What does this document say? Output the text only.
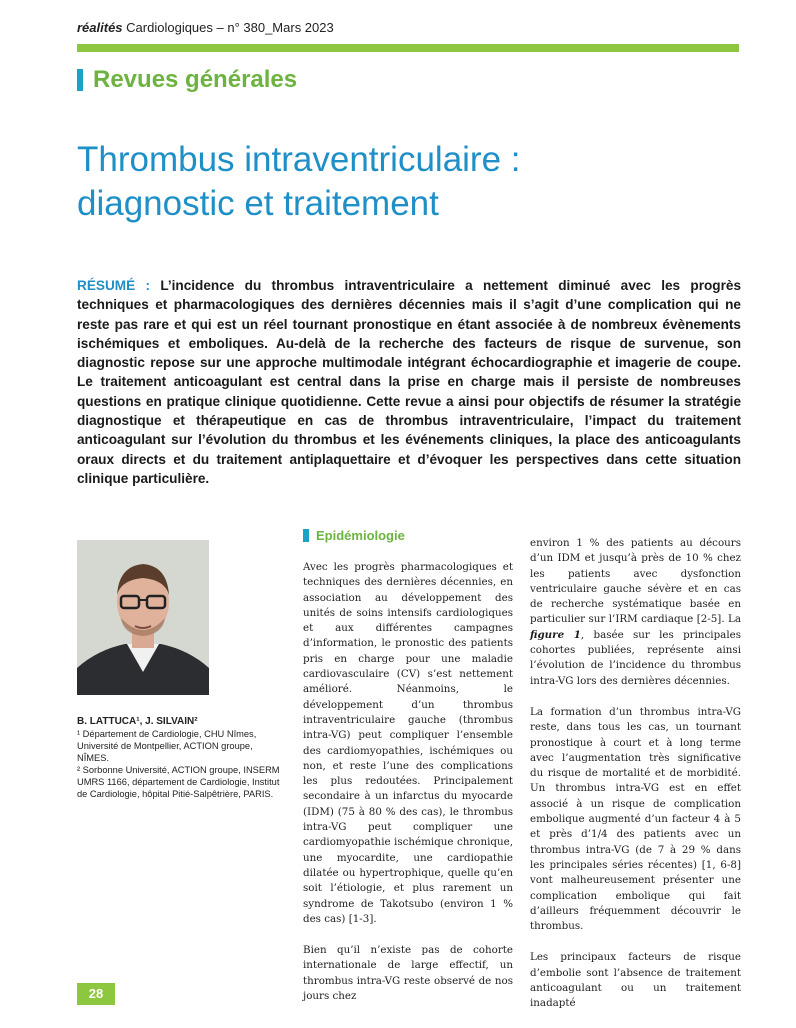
réalités Cardiologiques – n° 380_Mars 2023
Revues générales
Thrombus intraventriculaire :
diagnostic et traitement
RÉSUMÉ : L’incidence du thrombus intraventriculaire a nettement diminué avec les progrès techniques et pharmacologiques des dernières décennies mais il s’agit d’une complication qui ne reste pas rare et qui est un réel tournant pronostique en étant associée à de nombreux évènements ischémiques et emboliques. Au-delà de la recherche des facteurs de risque de survenue, son diagnostic repose sur une approche multimodale intégrant échocardiographie et imagerie de coupe. Le traitement anticoagulant est central dans la prise en charge mais il persiste de nombreuses questions en pratique clinique quotidienne. Cette revue a ainsi pour objectifs de résumer la stratégie diagnostique et thérapeutique en cas de thrombus intraventriculaire, l’impact du traitement anticoagulant sur l’évolution du thrombus et les événements cliniques, la place des anticoagulants oraux directs et du traitement antiplaquettaire et d’évoquer les perspectives dans cette situation clinique particulière.
B. LATTUCA¹, J. SILVAIN²

¹ Département de Cardiologie, CHU Nîmes, Université de Montpellier, ACTION groupe, NÎMES.

² Sorbonne Université, ACTION groupe, INSERM UMRS 1166, département de Cardiologie, Institut de Cardiologie, hôpital Pitié-Salpêtrière, PARIS.

Epidémiologie

Avec les progrès pharmacologiques et techniques des dernières décennies, en association au développement des unités de soins intensifs cardiologiques et aux différentes campagnes d’information, le pronostic des patients pris en charge pour une maladie cardiovasculaire (CV) s’est nettement amélioré. Néanmoins, le développement d’un thrombus intraventriculaire gauche (thrombus intra-VG) peut compliquer l’ensemble des cardiomyopathies, ischémiques ou non, et reste l’une des complications les plus redoutées. Principalement secondaire à un infarctus du myocarde (IDM) (75 à 80 % des cas), le thrombus intra-VG peut compliquer une cardiomyopathie ischémique chronique, une myocardite, une cardiopathie dilatée ou hypertrophique, quelle qu’en soit l’étiologie, et plus rarement un syndrome de Takotsubo (environ 1 % des cas) [1-3].

Bien qu’il n’existe pas de cohorte internationale de large effectif, un thrombus intra-VG reste observé de nos jours chez

environ 1 % des patients au décours d’un IDM et jusqu’à près de 10 % chez les patients avec dysfonction ventriculaire gauche sévère et en cas de recherche systématique basée en particulier sur l’IRM cardiaque [2-5]. La figure 1, basée sur les principales cohortes publiées, représente ainsi l’évolution de l’incidence du thrombus intra-VG lors des dernières décennies.

La formation d’un thrombus intra-VG reste, dans tous les cas, un tournant pronostique à court et à long terme avec l’augmentation très significative du risque de mortalité et de morbidité. Un thrombus intra-VG est en effet associé à un risque de complication embolique augmenté d’un facteur 4 à 5 et près d’1/4 des patients avec un thrombus intra-VG (de 7 à 29 % dans les principales séries récentes) [1, 6-8] vont malheureusement présenter une complication embolique qui fait d’ailleurs fréquemment découvrir le thrombus.

Les principaux facteurs de risque d’embolie sont l’absence de traitement anticoagulant ou un traitement inadapté

28
